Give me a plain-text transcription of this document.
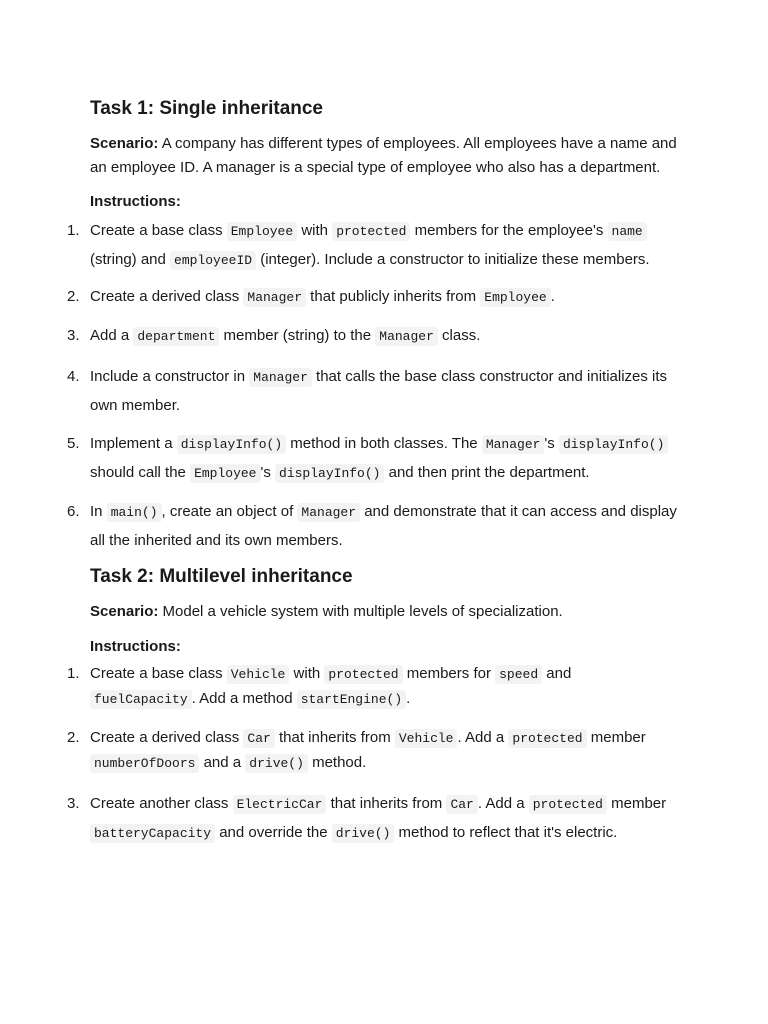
Task 1: Single inheritance
Scenario: A company has different types of employees. All employees have a name and an employee ID. A manager is a special type of employee who also has a department.
Instructions:
1. Create a base class Employee with protected members for the employee's name (string) and employeeID (integer). Include a constructor to initialize these members.
2. Create a derived class Manager that publicly inherits from Employee .
3. Add a department member (string) to the Manager class.
4. Include a constructor in Manager that calls the base class constructor and initializes its own member.
5. Implement a displayInfo() method in both classes. The Manager 's displayInfo() should call the Employee 's displayInfo() and then print the department.
6. In main() , create an object of Manager and demonstrate that it can access and display all the inherited and its own members.
Task 2: Multilevel inheritance
Scenario: Model a vehicle system with multiple levels of specialization.
Instructions:
1. Create a base class Vehicle with protected members for speed and fuelCapacity . Add a method startEngine() .
2. Create a derived class Car that inherits from Vehicle . Add a protected member numberOfDoors and a drive() method.
3. Create another class ElectricCar that inherits from Car . Add a protected member batteryCapacity and override the drive() method to reflect that it's electric.
